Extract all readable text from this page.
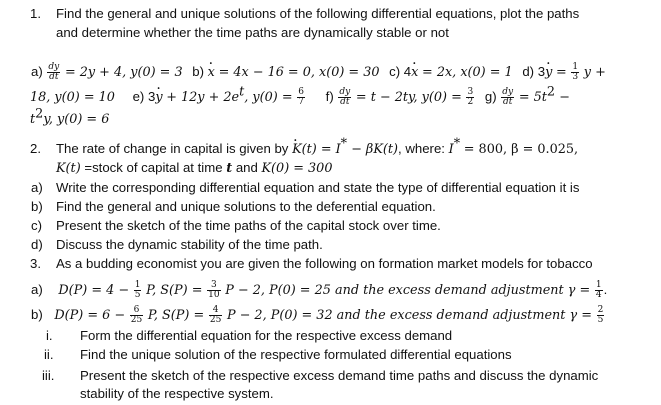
1. Find the general and unique solutions of the following differential equations, plot the paths
and determine whether the time paths are dynamically stable or not
$a) \frac{dy}{dt} = 2y + 4$, y(0) = 3 b) · x = 4x − 16 = 0, x(0) = 30 c) 4· x = 2x, x(0) = 1 d) $3\cdot y = \frac{1}{3}$ y +
18, y(0) = 10 e) $3\cdot y + 12y + 2e^t$, $y(0) = \frac{6}{7} f) \frac{dy}{dt} = t - 2ty$, $y(0) = \frac{3}{2} g) \frac{dy}{dt} = 5t^2$ −
$t^2y$, y(0) = 6
2. The rate of change in capital is given by · K(t) = I* − βK(t), where: I* = 800, β = 0.025,
K(t) =stock of capital at time t and K(0) = 300
a) Write the corresponding differential equation and state the type of differential equation it is
b) Find the general and unique solutions to the deferential equation.
c) Present the sketch of the time paths of the capital stock over time.
d) Discuss the dynamic stability of the time path.
3. As a budding economist you are given the following on formation market models for tobacco
a) $D(P) = 4 - \frac{1}{5} P$, $S(P) = \frac{3}{10}$ P − 2, P(0) = 25 and the excess demand adjustment $\gamma = \frac{1}{4}$ .
b) $D(P) = 6 - \frac{6}{25} P$, $S(P) = \frac{4}{25}$ P − 2, P(0) = 32 and the excess demand adjustment $\gamma = \frac{2}{5}$
i. Form the differential equation for the respective excess demand
ii. Find the unique solution of the respective formulated differential equations
iii. Present the sketch of the respective excess demand time paths and discuss the dynamic
stability of the respective system.
